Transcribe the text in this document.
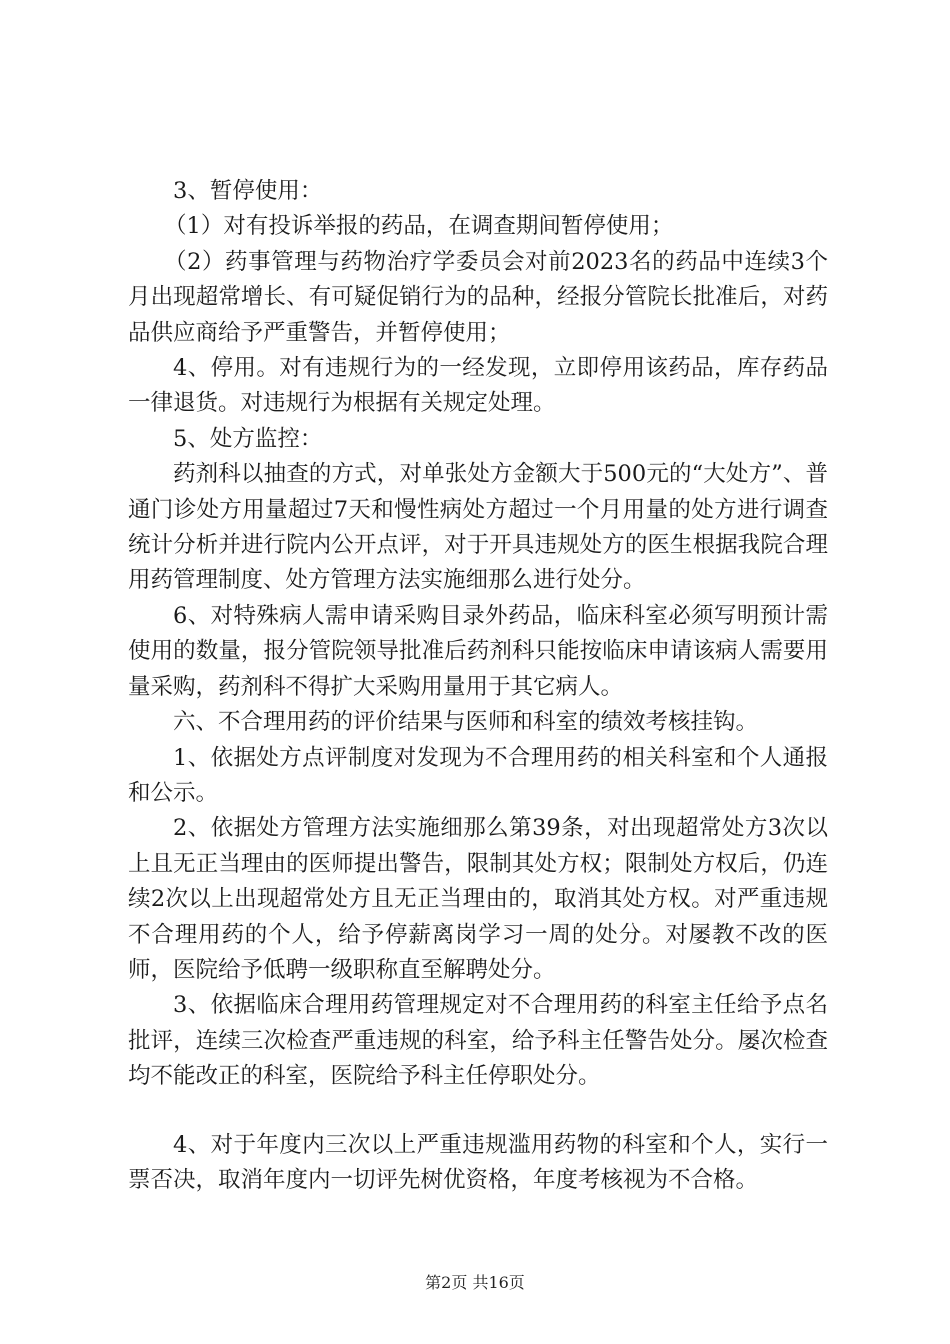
3、暂停使用：

（1）对有投诉举报的药品，在调查期间暂停使用；

（2）药事管理与药物治疗学委员会对前2023名的药品中连续3个月出现超常增长、有可疑促销行为的品种，经报分管院长批准后，对药品供应商给予严重警告，并暂停使用；

4、停用。对有违规行为的一经发现，立即停用该药品，库存药品一律退货。对违规行为根据有关规定处理。

5、处方监控：

药剂科以抽查的方式，对单张处方金额大于500元的“大处方”、普通门诊处方用量超过7天和慢性病处方超过一个月用量的处方进行调查统计分析并进行院内公开点评，对于开具违规处方的医生根据我院合理用药管理制度、处方管理方法实施细那么进行处分。

6、对特殊病人需申请采购目录外药品，临床科室必须写明预计需使用的数量，报分管院领导批准后药剂科只能按临床申请该病人需要用量采购，药剂科不得扩大采购用量用于其它病人。

六、不合理用药的评价结果与医师和科室的绩效考核挂钩。

1、依据处方点评制度对发现为不合理用药的相关科室和个人通报和公示。

2、依据处方管理方法实施细那么第39条，对出现超常处方3次以上且无正当理由的医师提出警告，限制其处方权；限制处方权后，仍连续2次以上出现超常处方且无正当理由的，取消其处方权。对严重违规不合理用药的个人，给予停薪离岗学习一周的处分。对屡教不改的医师，医院给予低聘一级职称直至解聘处分。

3、依据临床合理用药管理规定对不合理用药的科室主任给予点名批评，连续三次检查严重违规的科室，给予科主任警告处分。屡次检查均不能改正的科室，医院给予科主任停职处分。

4、对于年度内三次以上严重违规滥用药物的科室和个人，实行一票否决，取消年度内一切评先树优资格，年度考核视为不合格。

第2页 共16页
